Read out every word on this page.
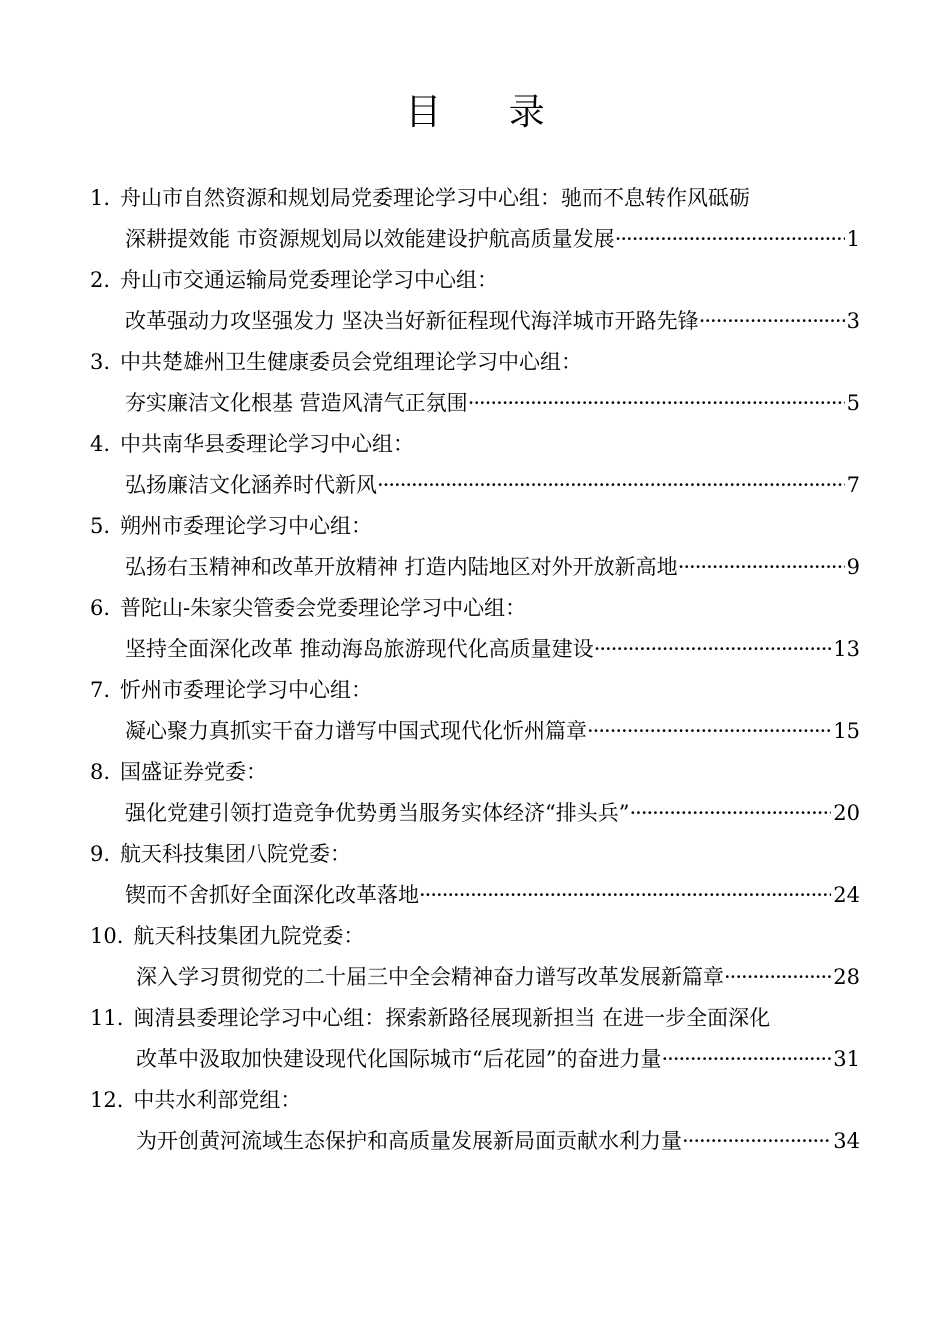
目 录
1. 舟山市自然资源和规划局党委理论学习中心组：驰而不息转作风砥砺
深耕提效能 市资源规划局以效能建设护航高质量发展 ·····	1
2. 舟山市交通运输局党委理论学习中心组：
改革强动力攻坚强发力 坚决当好新征程现代海洋城市开路先锋 ·····	3
3. 中共楚雄州卫生健康委员会党组理论学习中心组：
夯实廉洁文化根基 营造风清气正氛围 ·····	5
4. 中共南华县委理论学习中心组：
弘扬廉洁文化涵养时代新风 ·····	7
5. 朔州市委理论学习中心组：
弘扬右玉精神和改革开放精神 打造内陆地区对外开放新高地 ·····	9
6. 普陀山-朱家尖管委会党委理论学习中心组：
坚持全面深化改革 推动海岛旅游现代化高质量建设 ·····	13
7. 忻州市委理论学习中心组：
凝心聚力真抓实干奋力谱写中国式现代化忻州篇章 ·····	15
8. 国盛证券党委：
强化党建引领打造竞争优势勇当服务实体经济“排头兵” ·····	20
9. 航天科技集团八院党委：
锲而不舍抓好全面深化改革落地 ·····	24
10. 航天科技集团九院党委：
深入学习贯彻党的二十届三中全会精神奋力谱写改革发展新篇章 ·····	28
11. 闽清县委理论学习中心组：探索新路径展现新担当 在进一步全面深化
改革中汲取加快建设现代化国际城市“后花园”的奋进力量 ·····	31
12. 中共水利部党组：
为开创黄河流域生态保护和高质量发展新局面贡献水利力量 ·····	34
